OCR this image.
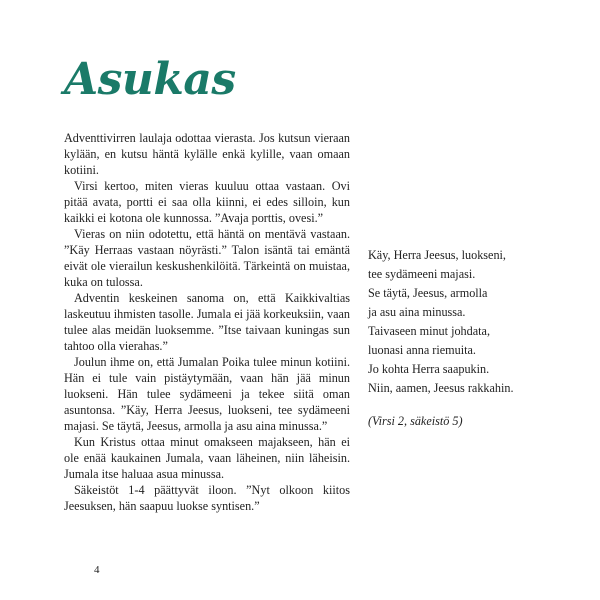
Asukas

Adventtivirren laulaja odottaa vierasta. Jos kutsun vieraan kylään, en kutsu häntä kylälle enkä kylille, vaan omaan kotiini.

Virsi kertoo, miten vieras kuuluu ottaa vastaan. Ovi pitää avata, portti ei saa olla kiinni, ei edes silloin, kun kaikki ei kotona ole kunnossa. ”Avaja porttis, ovesi.”

Vieras on niin odotettu, että häntä on mentävä vastaan. ”Käy Herraas vastaan nöyrästi.” Talon isäntä tai emäntä eivät ole vierailun keskushenkilöitä. Tärkeintä on muistaa, kuka on tulossa.

Adventin keskeinen sanoma on, että Kaikkivaltias laskeutuu ihmisten tasolle. Jumala ei jää korkeuksiin, vaan tulee alas meidän luoksemme. ”Itse taivaan kuningas sun tahtoo olla vierahas.”

Joulun ihme on, että Jumalan Poika tulee minun kotiini. Hän ei tule vain pistäytymään, vaan hän jää minun luokseni. Hän tulee sydämeeni ja tekee siitä oman asuntonsa. ”Käy, Herra Jeesus, luokseni, tee sydämeeni majasi. Se täytä, Jeesus, armolla ja asu aina minussa.”

Kun Kristus ottaa minut omakseen majakseen, hän ei ole enää kaukainen Jumala, vaan läheinen, niin läheisin. Jumala itse haluaa asua minussa.

Säkeistöt 1-4 päättyvät iloon. ”Nyt olkoon kiitos Jeesuksen, hän saapuu luokse syntisen.”

Käy, Herra Jeesus, luokseni,
tee sydämeeni majasi.
Se täytä, Jeesus, armolla
ja asu aina minussa.
Taivaseen minut johdata,
luonasi anna riemuita.
Jo kohta Herra saapukin.
Niin, aamen, Jeesus rakkahin.
(Virsi 2, säkeistö 5)
4
